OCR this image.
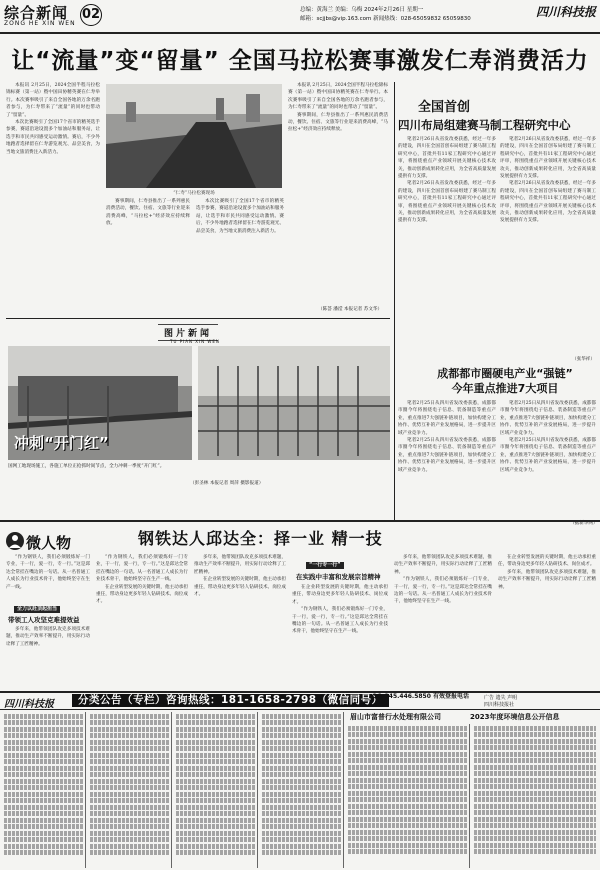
综合新闻
ZONG HE XIN WEN
02	总编：黄海兰 美编：乌梅 2024年2月26日 星期一
邮箱：scjjbs@vip.163.com 新闻热线：028-65059832 65059830	四川科技报
让“流量”变“留量” 全国马拉松赛事激发仁寿消费活力

本报讯 2月25日，2024全国半程马拉松锦标赛（第一站）暨中国田协精英赛在仁寿举行。本次赛事吸引了来自全国各地的万余名跑者参与，为仁寿带来了“流量”的同时也带动了“留量”。

本次比赛吸引了全国17个省市的精英选手参赛，赛道沿途设置多个加油站和服务站，让选手和市民共同感受运动激情。赛后，不少外地跑者选择留在仁寿游览观光、品尝美食，为当地文旅消费注入新活力。

“仁寿”马拉松赛现场

赛事期间，仁寿县推出了一系列惠民消费活动，餐饮、住宿、文旅等行业迎来消费高峰，“马拉松+”经济效应持续释放。

本次比赛吸引了全国17个省市的精英选手参赛，赛道沿途设置多个加油站和服务站，让选手和市民共同感受运动激情。赛后，不少外地跑者选择留在仁寿游览观光、品尝美食，为当地文旅消费注入新活力。

本报讯 2月25日，2024全国半程马拉松锦标赛（第一站）暨中国田协精英赛在仁寿举行。本次赛事吸引了来自全国各地的万余名跑者参与，为仁寿带来了“流量”的同时也带动了“留量”。

赛事期间，仁寿县推出了一系列惠民消费活动，餐饮、住宿、文旅等行业迎来消费高峰，“马拉松+”经济效应持续释放。

（陈荟 潘滢 本报记者 苏文华）
全国首创
四川布局组建赛马制工程研究中心

笔者2月26日从省发改委获悉，经过一年多的建设，四川在全国首创布局组建了赛马制工程研究中心，首批共有11家工程研究中心通过评审，将围绕重点产业领域开展关键核心技术攻关，推动创新成果转化应用，为全省高质量发展提供有力支撑。

笔者2月26日从省发改委获悉，经过一年多的建设，四川在全国首创布局组建了赛马制工程研究中心，首批共有11家工程研究中心通过评审，将围绕重点产业领域开展关键核心技术攻关，推动创新成果转化应用，为全省高质量发展提供有力支撑。

笔者2月26日从省发改委获悉，经过一年多的建设，四川在全国首创布局组建了赛马制工程研究中心，首批共有11家工程研究中心通过评审，将围绕重点产业领域开展关键核心技术攻关，推动创新成果转化应用，为全省高质量发展提供有力支撑。

笔者2月26日从省发改委获悉，经过一年多的建设，四川在全国首创布局组建了赛马制工程研究中心，首批共有11家工程研究中心通过评审，将围绕重点产业领域开展关键核心技术攻关，推动创新成果转化应用，为全省高质量发展提供有力支撑。

（张华祥）
成都都市圈硬电产业“强链”
今年重点推进7大项目

笔者2月25日从四川省发改委获悉，成都都市圈今年将围绕电子信息、装备制造等重点产业，重点推进7大强链补链项目，加快构建分工协作、优势互补的产业发展格局，进一步提升区域产业竞争力。

笔者2月25日从四川省发改委获悉，成都都市圈今年将围绕电子信息、装备制造等重点产业，重点推进7大强链补链项目，加快构建分工协作、优势互补的产业发展格局，进一步提升区域产业竞争力。

笔者2月25日从四川省发改委获悉，成都都市圈今年将围绕电子信息、装备制造等重点产业，重点推进7大强链补链项目，加快构建分工协作、优势互补的产业发展格局，进一步提升区域产业竞争力。

笔者2月25日从四川省发改委获悉，成都都市圈今年将围绕电子信息、装备制造等重点产业，重点推进7大强链补链项目，加快构建分工协作、优势互补的产业发展格局，进一步提升区域产业竞争力。

（据新华网）
图片新闻
TU PIAN XIN WEN
冲刺“开门红”
国网工地现场施工，各施工单位正抢抓时间节点，全力冲刺一季度“开门红”。
（彭圣林 本报记者 周萍 摄影报道）
微人物	钢铁达人邱达全：择一业 精一技

“作为钢铁人，我们必须锻炼好一门专业，干一行，爱一行，专一行。”这是邱达全常挂在嘴边的一句话。从一名普通工人成长为行业技术骨干，他始终坚守在生产一线。

全力以赴顶起担当
带领工人攻坚克难提效益

多年来，他带领团队攻克多项技术难题，推动生产效率不断提升，用实际行动诠释了工匠精神。

“作为钢铁人，我们必须锻炼好一门专业，干一行，爱一行，专一行。”这是邱达全常挂在嘴边的一句话。从一名普通工人成长为行业技术骨干，他始终坚守在生产一线。

在企业转型发展的关键时期，他主动承担重任，带动身边更多年轻人钻研技术、岗位成才。

多年来，他带领团队攻克多项技术难题，推动生产效率不断提升，用实际行动诠释了工匠精神。

在企业转型发展的关键时期，他主动承担重任，带动身边更多年轻人钻研技术、岗位成才。

“一行专一行”
在实践中丰富和发展宗旨精神

在企业转型发展的关键时期，他主动承担重任，带动身边更多年轻人钻研技术、岗位成才。

“作为钢铁人，我们必须锻炼好一门专业，干一行，爱一行，专一行。”这是邱达全常挂在嘴边的一句话。从一名普通工人成长为行业技术骨干，他始终坚守在生产一线。

多年来，他带领团队攻克多项技术难题，推动生产效率不断提升，用实际行动诠释了工匠精神。

“作为钢铁人，我们必须锻炼好一门专业，干一行，爱一行，专一行。”这是邱达全常挂在嘴边的一句话。从一名普通工人成长为行业技术骨干，他始终坚守在生产一线。

在企业转型发展的关键时期，他主动承担重任，带动身边更多年轻人钻研技术、岗位成才。

多年来，他带领团队攻克多项技术难题，推动生产效率不断提升，用实际行动诠释了工匠精神。

四川科技报	分类公告（专栏）咨询热线：181-1658-2798（微信同号）
QQ:245.446.5850 有效登报电话	广告 遗失 声明
四川科技报社
眉山市富普行水处理有限公司	2023年度环境信息公开信息
